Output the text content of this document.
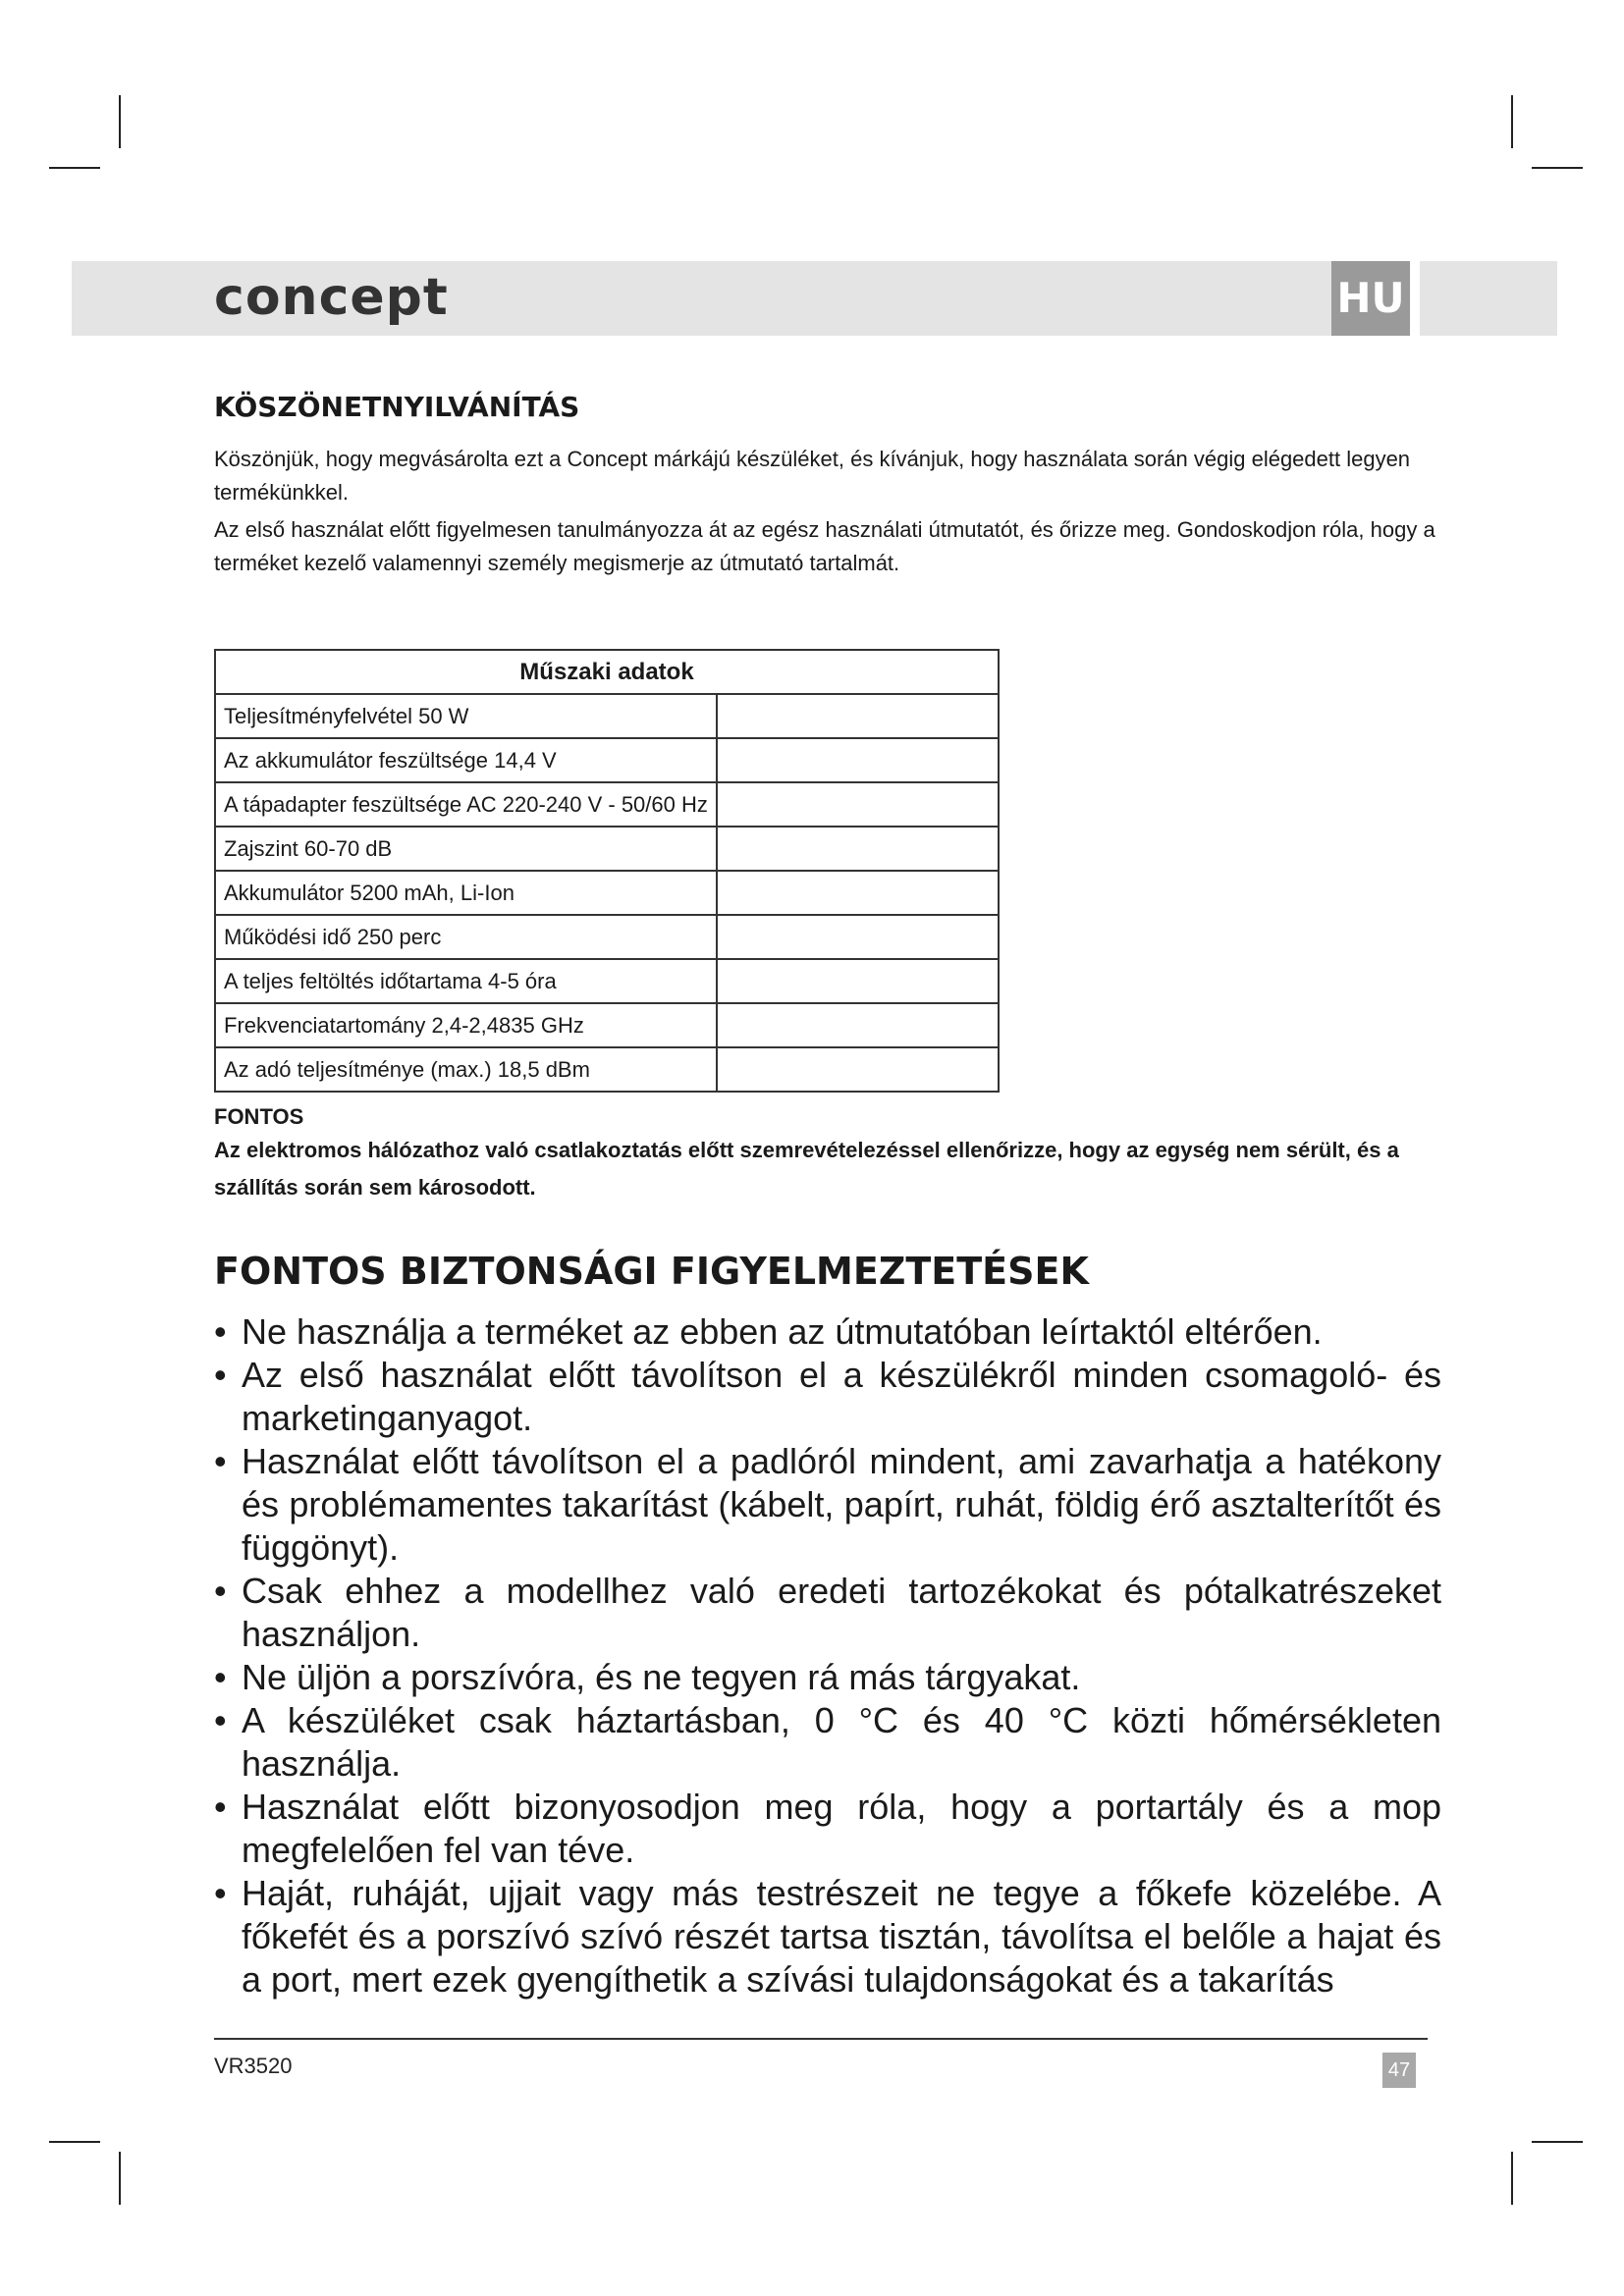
concept	HU
KÖSZÖNETNYILVÁNÍTÁS

Köszönjük, hogy megvásárolta ezt a Concept márkájú készüléket, és kívánjuk, hogy használata során végig elégedett legyen termékünkkel.

Az első használat előtt figyelmesen tanulmányozza át az egész használati útmutatót, és őrizze meg. Gondoskodjon róla, hogy a terméket kezelő valamennyi személy megismerje az útmutató tartalmát.

Műszaki adatok	
Teljesítményfelvétel 50 W	
Az akkumulátor feszültsége 14,4 V	
A tápadapter feszültsége AC 220-240 V - 50/60 Hz	
Zajszint 60-70 dB	
Akkumulátor 5200 mAh, Li-Ion	
Működési idő 250 perc	
A teljes feltöltés időtartama 4-5 óra	
Frekvenciatartomány 2,4-2,4835 GHz	
Az adó teljesítménye (max.) 18,5 dBm	
FONTOS
Az elektromos hálózathoz való csatlakoztatás előtt szemrevételezéssel ellenőrizze, hogy az egység nem sérült, és a szállítás során sem károsodott.
FONTOS BIZTONSÁGI FIGYELMEZTETÉSEK
• Ne használja a terméket az ebben az útmutatóban leírtaktól eltérően.
• Az első használat előtt távolítson el a készülékről minden csomagoló- és marketinganyagot.
• Használat előtt távolítson el a padlóról mindent, ami zavarhatja a hatékony és problémamentes takarítást (kábelt, papírt, ruhát, földig érő asztalterítőt és függönyt).
• Csak ehhez a modellhez való eredeti tartozékokat és pótalkatrészeket használjon.
• Ne üljön a porszívóra, és ne tegyen rá más tárgyakat.
• A készüléket csak háztartásban, 0 °C és 40 °C közti hőmérsékleten használja.
• Használat előtt bizonyosodjon meg róla, hogy a portartály és a mop megfelelően fel van téve.
• Haját, ruháját, ujjait vagy más testrészeit ne tegye a főkefe közelébe. A főkefét és a porszívó szívó részét tartsa tisztán, távolítsa el belőle a hajat és a port, mert ezek gyengíthetik a szívási tulajdonságokat és a takarítás
VR3520	47
